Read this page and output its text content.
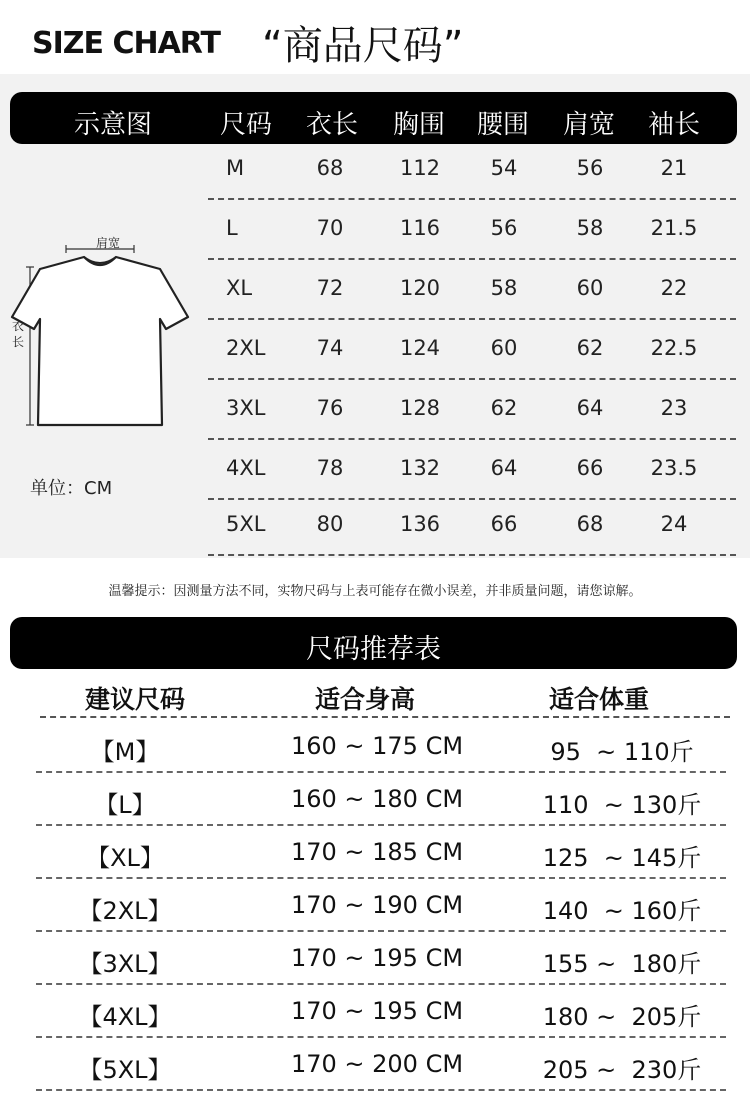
SIZE CHART “商品尺码”
示意图	尺码	衣长	胸围	腰围	肩宽	袖长
M	68	112	54	56	21
L	70	116	56	58	21.5
XL	72	120	58	60	22
2XL	74	124	60	62	22.5
3XL	76	128	62	64	23
4XL	78	132	64	66	23.5
5XL	80	136	66	68	24
肩宽
衣长
单位：CM
温馨提示：因测量方法不同，实物尺码与上表可能存在微小误差，并非质量问题，请您谅解。
尺码推荐表
建议尺码	适合身高	适合体重
【M】	160 ~ 175 CM	95  ~ 110斤
【L】	160 ~ 180 CM	110  ~ 130斤
【XL】	170 ~ 185 CM	125  ~ 145斤
【2XL】	170 ~ 190 CM	140  ~ 160斤
【3XL】	170 ~ 195 CM	155 ~  180斤
【4XL】	170 ~ 195 CM	180 ~  205斤
【5XL】	170 ~ 200 CM	205 ~  230斤
